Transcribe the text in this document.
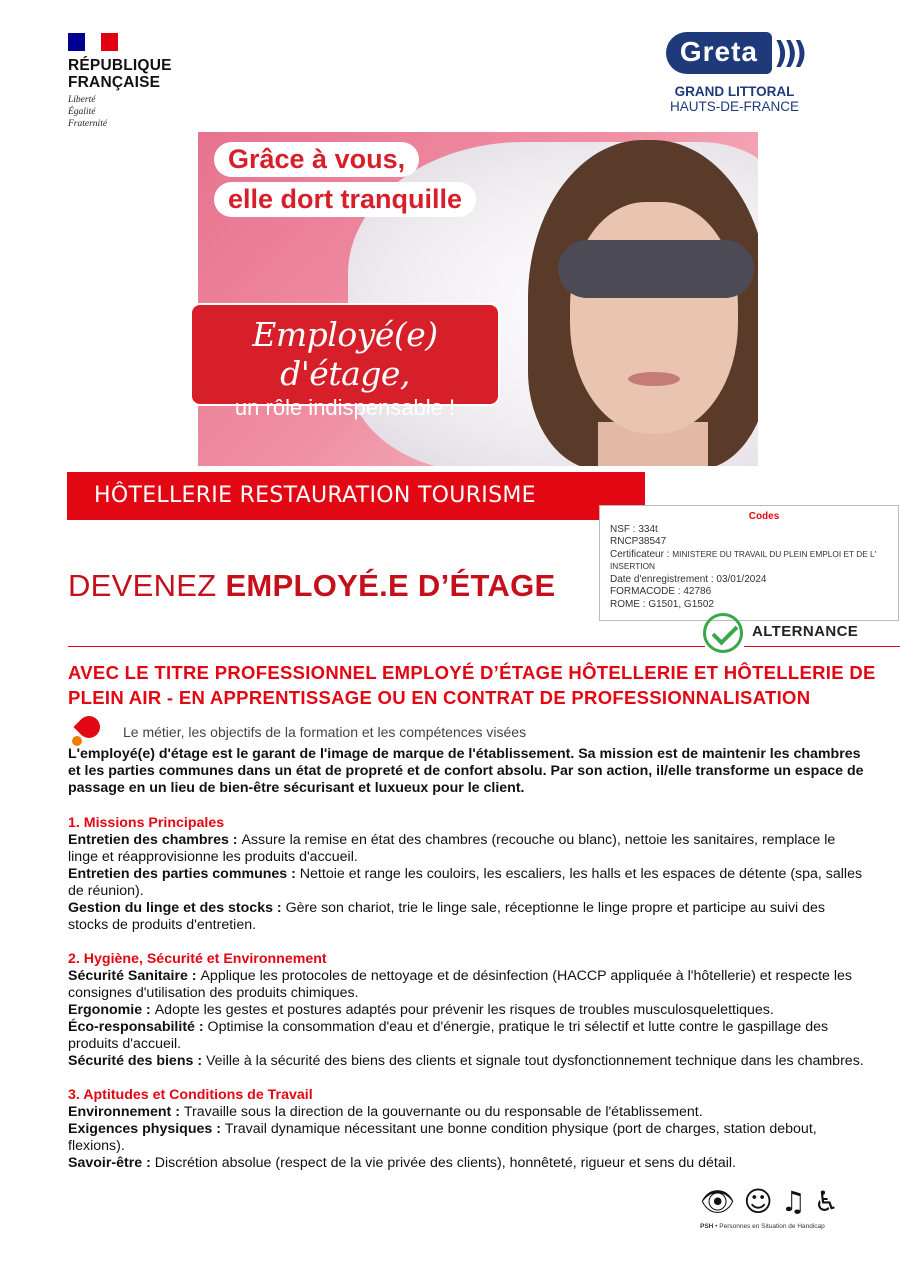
RÉPUBLIQUE
FRANÇAISE
Liberté
Égalité
Fraternité
Greta )))
GRAND LITTORAL
HAUTS-DE-FRANCE
Grâce à vous,
elle dort tranquille
Employé(e) d'étage,
un rôle indispensable !
HÔTELLERIE RESTAURATION TOURISME
Codes
NSF : 334t
RNCP38547
Certificateur : MINISTERE DU TRAVAIL DU PLEIN EMPLOI ET DE L' INSERTION
Date d'enregistrement : 03/01/2024
FORMACODE : 42786
ROME : G1501, G1502
DEVENEZ EMPLOYÉ.E D’ÉTAGE
ALTERNANCE
AVEC LE TITRE PROFESSIONNEL EMPLOYÉ D’ÉTAGE HÔTELLERIE ET HÔTELLERIE DE PLEIN AIR - EN APPRENTISSAGE OU EN CONTRAT DE PROFESSIONNALISATION
Le métier, les objectifs de la formation et les compétences visées

L'employé(e) d'étage est le garant de l'image de marque de l'établissement. Sa mission est de maintenir les chambres et les parties communes dans un état de propreté et de confort absolu. Par son action, il/elle transforme un espace de passage en un lieu de bien-être sécurisant et luxueux pour le client.

1. Missions Principales

Entretien des chambres : Assure la remise en état des chambres (recouche ou blanc), nettoie les sanitaires, remplace le linge et réapprovisionne les produits d'accueil.

Entretien des parties communes : Nettoie et range les couloirs, les escaliers, les halls et les espaces de détente (spa, salles de réunion).

Gestion du linge et des stocks : Gère son chariot, trie le linge sale, réceptionne le linge propre et participe au suivi des stocks de produits d'entretien.

2. Hygiène, Sécurité et Environnement

Sécurité Sanitaire : Applique les protocoles de nettoyage et de désinfection (HACCP appliquée à l'hôtellerie) et respecte les consignes d'utilisation des produits chimiques.

Ergonomie : Adopte les gestes et postures adaptés pour prévenir les risques de troubles musculosquelettiques.

Éco-responsabilité : Optimise la consommation d'eau et d'énergie, pratique le tri sélectif et lutte contre le gaspillage des produits d'accueil.

Sécurité des biens : Veille à la sécurité des biens des clients et signale tout dysfonctionnement technique dans les chambres.

3. Aptitudes et Conditions de Travail

Environnement : Travaille sous la direction de la gouvernante ou du responsable de l'établissement.

Exigences physiques : Travail dynamique nécessitant une bonne condition physique (port de charges, station debout, flexions).

Savoir-être : Discrétion absolue (respect de la vie privée des clients), honnêteté, rigueur et sens du détail.

👁 ☺ ♫ ♿
PSH • Personnes en Situation de Handicap
